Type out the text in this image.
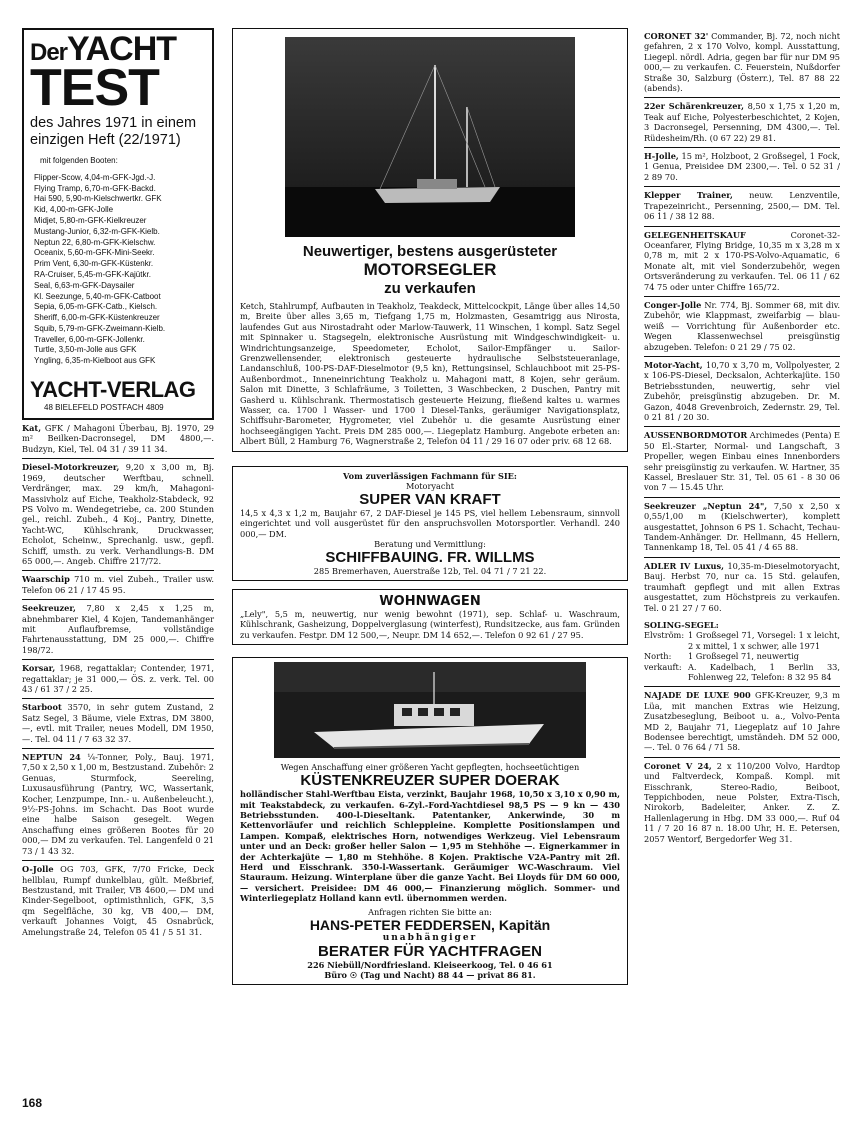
DerYACHT
TEST
des Jahres 1971 in einem einzigen Heft (22/1971)
mit folgenden Booten:
Flipper-Scow, 4,04-m-GFK-Jgd.-J.
Flying Tramp, 6,70-m-GFK-Backd.
Hai 590, 5,90-m-Kielschwertkr. GFK
Kid, 4,00-m-GFK-Jolle
Midjet, 5,80-m-GFK-Kielkreuzer
Mustang-Junior, 6,32-m-GFK-Kielb.
Neptun 22, 6,80-m-GFK-Kielschw.
Oceanix, 5,60-m-GFK-Mini-Seekr.
Prim Vent, 6,30-m-GFK-Küstenkr.
RA-Cruiser, 5,45-m-GFK-Kajütkr.
Seal, 6,63-m-GFK-Daysailer
Kl. Seezunge, 5,40-m-GFK-Catboot
Sepia, 6,05-m-GFK-Catb., Kielsch.
Sheriff, 6,00-m-GFK-Küstenkreuzer
Squib, 5,79-m-GFK-Zweimann-Kielb.
Traveller, 6,00-m-GFK-Jollenkr.
Turtle, 3,50-m-Jolle aus GFK
Yngling, 6,35-m-Kielboot aus GFK
YACHT-VERLAG
48 BIELEFELD POSTFACH 4809
Kat, GFK / Mahagoni Überbau, Bj. 1970, 29 m² Beilken-Dacronsegel, DM 4800,—. Budzyn, Kiel, Tel. 04 31 / 39 11 34.
Diesel-Motorkreuzer, 9,20 x 3,00 m, Bj. 1969, deutscher Werftbau, schnell. Verdränger, max. 29 km/h, Mahagoni-Massivholz auf Eiche, Teakholz-Stabdeck, 92 PS Volvo m. Wendegetriebe, ca. 200 Stunden gel., reichl. Zubeh., 4 Koj., Pantry, Dinette, Yacht-WC, Kühlschrank, Druckwasser, Echolot, Scheinw., Sprechanlg. usw., gepfl. Schiff, umsth. zu verk. Verhandlungs-B. DM 65 000,—. Angeb. Chiffre 217/72.
Waarschip 710 m. viel Zubeh., Trailer usw. Telefon 06 21 / 17 45 95.
Seekreuzer, 7,80 x 2,45 x 1,25 m, abnehmbarer Kiel, 4 Kojen, Tandemanhänger mit Auflaufbremse, vollständige Fahrtenausstattung, DM 25 000,—. Chiffre 198/72.
Korsar, 1968, regattaklar; Contender, 1971, regattaklar; je 31 000,— ÖS. z. verk. Tel. 00 43 / 61 37 / 2 25.
Starboot 3570, in sehr gutem Zustand, 2 Satz Segel, 3 Bäume, viele Extras, DM 3800,—, evtl. mit Trailer, neues Modell, DM 1950,—. Tel. 04 11 / 7 63 32 37.
NEPTUN 24 ¼-Tonner, Poly., Bauj. 1971, 7,50 x 2,50 x 1,00 m, Bestzustand. Zubehör: 2 Genuas, Sturmfock, Seereling, Luxusausführung (Pantry, WC, Wassertank, Kocher, Lenzpumpe, Inn.- u. Außenbeleucht.), 9½-PS-Johns. im Schacht. Das Boot wurde eine halbe Saison gesegelt. Wegen Anschaffung eines größeren Bootes für 20 000,— DM zu verkaufen. Tel. Langenfeld 0 21 73 / 1 43 32.
O-Jolle OG 703, GFK, 7/70 Fricke, Deck hellblau, Rumpf dunkelblau, gült. Meßbrief, Bestzustand, mit Trailer, VB 4600,— DM und Kinder-Segelboot, optimisthnlich, GFK, 3,5 qm Segelfläche, 30 kg, VB 400,— DM, verkauft Johannes Voigt, 45 Osnabrück, Amelungstraße 24, Telefon 05 41 / 5 51 31.
Neuwertiger, bestens ausgerüsteter
MOTORSEGLER
zu verkaufen
Ketch, Stahlrumpf, Aufbauten in Teakholz, Teakdeck, Mittelcockpit, Länge über alles 14,50 m, Breite über alles 3,65 m, Tiefgang 1,75 m, Holzmasten, Gesamtrigg aus Nirosta, laufendes Gut aus Nirostadraht oder Marlow-Tauwerk, 11 Winschen, 1 kompl. Satz Segel mit Spinnaker u. Stagsegeln, elektronische Ausrüstung mit Windgeschwindigkeit- u. Windrichtungsanzeige, Speedometer, Echolot, Sailor-Empfänger u. Sailor-Grenzwellensender, elektronisch gesteuerte hydraulische Selbststeueranlage, Landanschluß, 100-PS-DAF-Dieselmotor (9,5 kn), Rettungsinsel, Schlauchboot mit 25-PS-Außenbordmot., Inneneinrichtung Teakholz u. Mahagoni matt, 8 Kojen, sehr geräum. Salon mit Dinette, 3 Schlafräume, 3 Toiletten, 3 Waschbecken, 2 Duschen, Pantry mit Gasherd u. Kühlschrank. Thermostatisch gesteuerte Heizung, fließend kaltes u. warmes Wasser, ca. 1700 l Wasser- und 1700 l Diesel-Tanks, geräumiger Navigationsplatz, Schiffsuhr-Barometer, Hygrometer, viel Zubehör u. die gesamte Ausrüstung einer hochseegängigen Yacht. Preis DM 285 000,—. Liegeplatz Hamburg. Angebote erbeten an: Albert Büll, 2 Hamburg 76, Wagnerstraße 2, Telefon 04 11 / 29 16 07 oder priv. 68 12 68.
Vom zuverlässigen Fachmann für SIE:
Motoryacht
SUPER VAN KRAFT
14,5 x 4,3 x 1,2 m, Baujahr 67, 2 DAF-Diesel je 145 PS, viel hellem Lebensraum, sinnvoll eingerichtet und voll ausgerüstet für den anspruchsvollen Motorsportler. Verhandl. 240 000,— DM.
Beratung und Vermittlung:
SCHIFFBAUING. FR. WILLMS
285 Bremerhaven, Auerstraße 12b, Tel. 04 71 / 7 21 22.
WOHNWAGEN
„Lely", 5,5 m, neuwertig, nur wenig bewohnt (1971), sep. Schlaf- u. Waschraum, Kühlschrank, Gasheizung, Doppelverglasung (winterfest), Rundsitzecke, aus fam. Gründen zu verkaufen. Festpr. DM 12 500,—, Neupr. DM 14 652,—. Telefon 0 92 61 / 27 95.
Wegen Anschaffung einer größeren Yacht gepflegten, hochseetüchtigen
KÜSTENKREUZER SUPER DOERAK
holländischer Stahl-Werftbau Eista, verzinkt, Baujahr 1968, 10,50 x 3,10 x 0,90 m, mit Teakstabdeck, zu verkaufen. 6-Zyl.-Ford-Yachtdiesel 98,5 PS — 9 kn — 430 Betriebsstunden. 400-l-Dieseltank. Patentanker, Ankerwinde, 30 m Kettenvorläufer und reichlich Schleppleine. Komplette Positionslampen und Lampen. Kompaß, elektrisches Horn, notwendiges Werkzeug. Viel Lebensraum unter und an Deck: großer heller Salon — 1,95 m Stehhöhe —. Eignerkammer in der Achterkajüte — 1,80 m Stehhöhe. 8 Kojen. Praktische V2A-Pantry mit 2fl. Herd und Eisschrank. 350-l-Wassertank. Geräumiger WC-Waschraum. Viel Stauraum. Heizung. Winterplane über die ganze Yacht. Bei Lloyds für DM 60 000,— versichert. Preisidee: DM 46 000,— Finanzierung möglich. Sommer- und Winterliegeplatz Holland kann evtl. übernommen werden.
Anfragen richten Sie bitte an:
HANS-PETER FEDDERSEN, Kapitän
unabhängiger
BERATER FÜR YACHTFRAGEN
226 Niebüll/Nordfriesland. Kleiseerkoog, Tel. 0 46 61
Büro ☉ (Tag und Nacht) 88 44 — privat 86 81.
CORONET 32' Commander, Bj. 72, noch nicht gefahren, 2 x 170 Volvo, kompl. Ausstattung, Liegepl. nördl. Adria, gegen bar für nur DM 95 000,— zu verkaufen. C. Feuerstein, Nußdorfer Straße 30, Salzburg (Österr.), Tel. 87 88 22 (abends).
22er Schärenkreuzer, 8,50 x 1,75 x 1,20 m, Teak auf Eiche, Polyesterbeschichtet, 2 Kojen, 3 Dacronsegel, Persenning, DM 4300,—. Tel. Rüdesheim/Rh. (0 67 22) 29 81.
H-Jolle, 15 m², Holzboot, 2 Großsegel, 1 Fock, 1 Genua, Preisidee DM 2300,—. Tel. 0 52 31 / 2 89 70.
Klepper Trainer, neuw. Lenzventile, Trapezeinricht., Persenning, 2500,— DM. Tel. 06 11 / 38 12 88.
GELEGENHEITSKAUF Coronet-32-Oceanfarer, Flying Bridge, 10,35 m x 3,28 m x 0,78 m, mit 2 x 170-PS-Volvo-Aquamatic, 6 Monate alt, mit viel Sonderzubehör, wegen Ortsveränderung zu verkaufen. Tel. 06 11 / 62 74 75 oder unter Chiffre 165/72.
Conger-Jolle Nr. 774, Bj. Sommer 68, mit div. Zubehör, wie Klappmast, zweifarbig — blau-weiß — Vorrichtung für Außenborder etc. Wegen Klassenwechsel preisgünstig abzugeben. Telefon: 0 21 29 / 75 02.
Motor-Yacht, 10,70 x 3,70 m, Vollpolyester, 2 x 106-PS-Diesel, Decksalon, Achterkajüte. 150 Betriebsstunden, neuwertig, sehr viel Zubehör, preisgünstig abzugeben. Dr. M. Gazon, 4048 Grevenbroich, Zedernstr. 29, Tel. 0 21 81 / 20 30.
AUSSENBORDMOTOR Archimedes (Penta) E 50 El.-Starter, Normal- und Langschaft, 3 Propeller, wegen Einbau eines Innenborders sehr preisgünstig zu verkaufen. W. Hartner, 35 Kassel, Breslauer Str. 31, Tel. 05 61 - 8 30 06 von 7 — 15.45 Uhr.
Seekreuzer „Neptun 24", 7,50 x 2,50 x 0,55/1,00 m (Kielschwerter), komplett ausgestattet, Johnson 6 PS 1. Schacht, Techau-Tandem-Anhänger. Dr. Hellmann, 45 Hellern, Tannenkamp 18, Tel. 05 41 / 4 65 88.
ADLER IV Luxus, 10,35-m-Dieselmotoryacht, Bauj. Herbst 70, nur ca. 15 Std. gelaufen, traumhaft gepflegt und mit allen Extras ausgestattet, zum Höchstpreis zu verkaufen. Tel. 0 21 27 / 7 60.
SOLING-SEGEL:
Elvström: 1 Großsegel 71, Vorsegel: 1 x leicht, 2 x mittel, 1 x schwer, alle 1971
North:	1 Großsegel 71, neuwertig
verkauft: A. Kadelbach, 1 Berlin 33, Fohlenweg 22, Telefon: 8 32 95 84
NAJADE DE LUXE 900 GFK-Kreuzer, 9,3 m Lüa, mit manchen Extras wie Heizung, Zusatzbeseglung, Beiboot u. a., Volvo-Penta MD 2, Baujahr 71, Liegeplatz auf 10 Jahre Bodensee berechtigt, umständeh. DM 52 000,—. Tel. 0 76 64 / 71 58.
Coronet V 24, 2 x 110/200 Volvo, Hardtop und Faltverdeck, Kompaß. Kompl. mit Eisschrank, Stereo-Radio, Beiboot, Teppichboden, neue Polster, Extra-Tisch, Nirokorb, Badeleiter, Anker. Z. Z. Hallenlagerung in Hbg. DM 33 000,—. Ruf 04 11 / 7 20 16 87 n. 18.00 Uhr, H. E. Petersen, 2057 Wentorf, Bergedorfer Weg 31.
168
